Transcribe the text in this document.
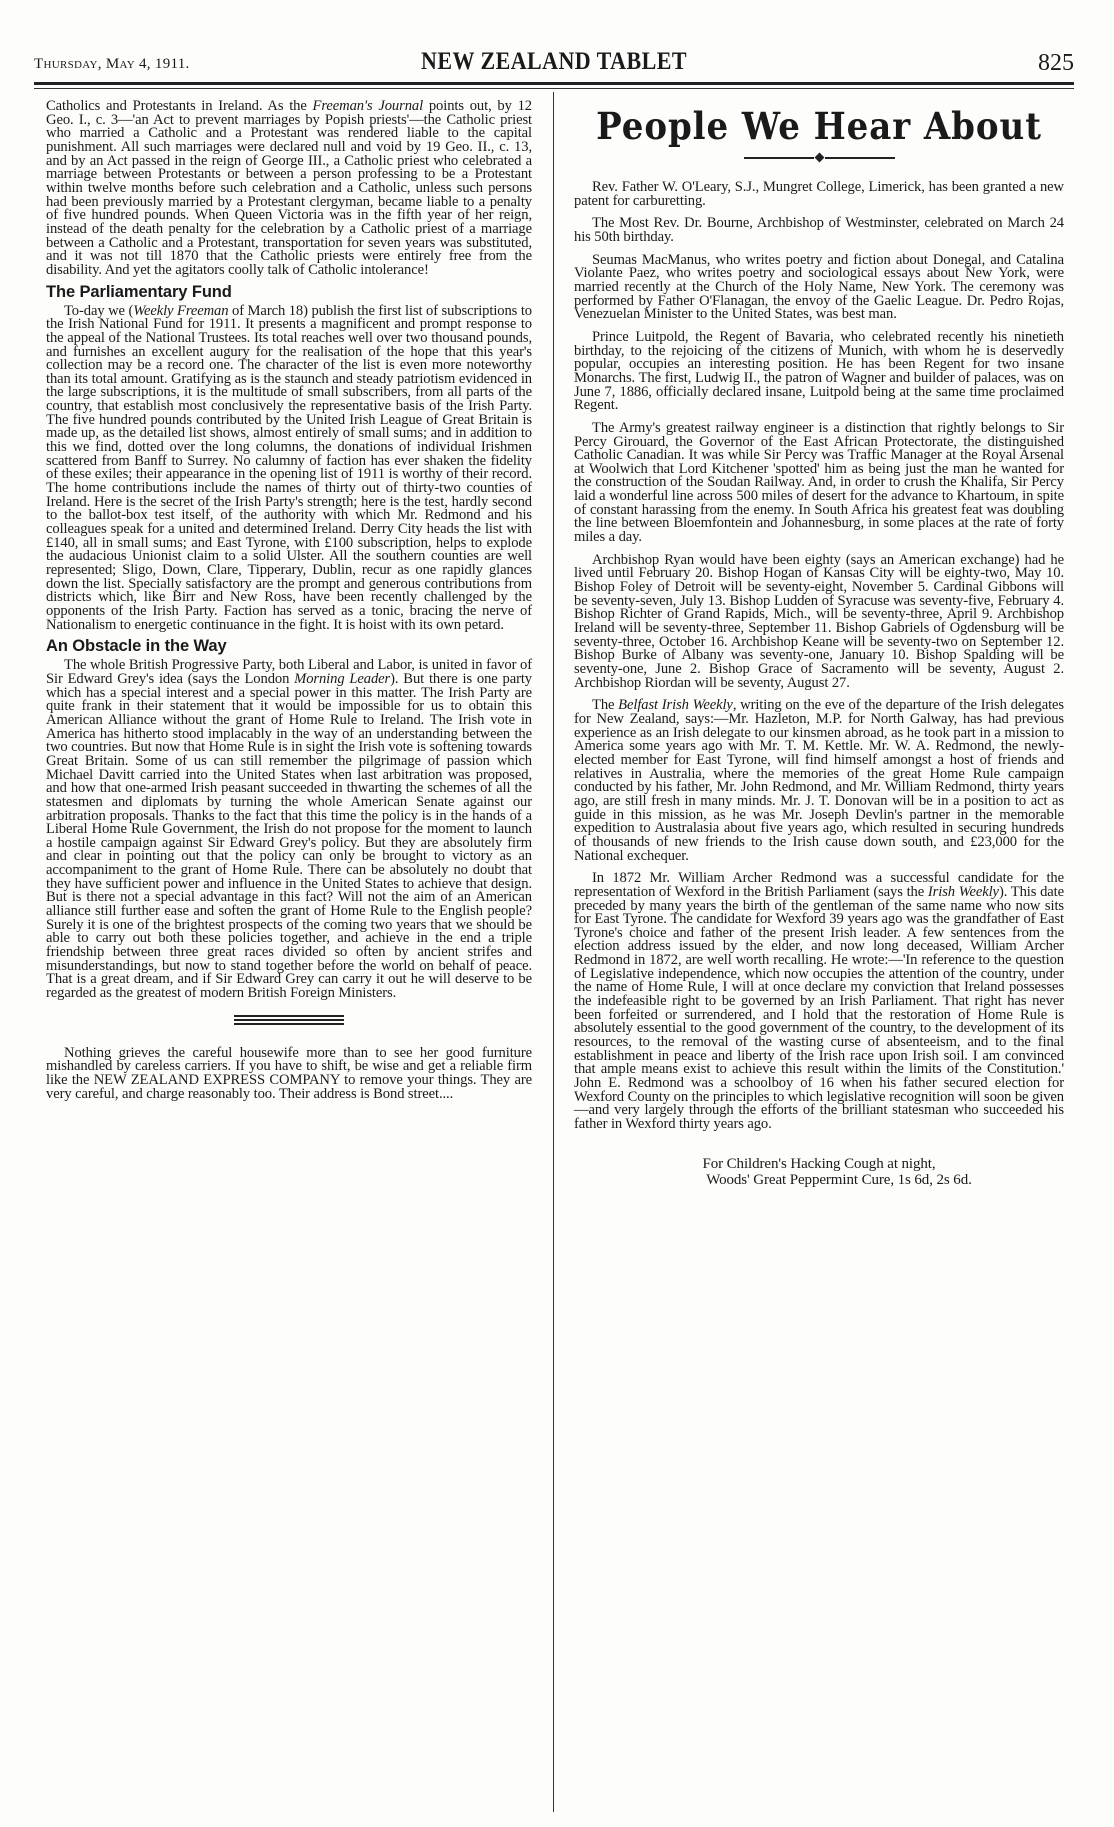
Thursday, May 4, 1911.	NEW ZEALAND TABLET	825

Catholics and Protestants in Ireland. As the Freeman's Journal points out, by 12 Geo. I., c. 3—'an Act to prevent marriages by Popish priests'—the Catholic priest who married a Catholic and a Protestant was rendered liable to the capital punishment. All such marriages were declared null and void by 19 Geo. II., c. 13, and by an Act passed in the reign of George III., a Catholic priest who celebrated a marriage between Protestants or between a person professing to be a Protestant within twelve months before such celebration and a Catholic, unless such persons had been previously married by a Protestant clergyman, became liable to a penalty of five hundred pounds. When Queen Victoria was in the fifth year of her reign, instead of the death penalty for the celebration by a Catholic priest of a marriage between a Catholic and a Protestant, transportation for seven years was substituted, and it was not till 1870 that the Catholic priests were entirely free from the disability. And yet the agitators coolly talk of Catholic intolerance!

The Parliamentary Fund

To-day we (Weekly Freeman of March 18) publish the first list of subscriptions to the Irish National Fund for 1911. It presents a magnificent and prompt response to the appeal of the National Trustees. Its total reaches well over two thousand pounds, and furnishes an excellent augury for the realisation of the hope that this year's collection may be a record one. The character of the list is even more noteworthy than its total amount. Gratifying as is the staunch and steady patriotism evidenced in the large subscriptions, it is the multitude of small subscribers, from all parts of the country, that establish most conclusively the representative basis of the Irish Party. The five hundred pounds contributed by the United Irish League of Great Britain is made up, as the detailed list shows, almost entirely of small sums; and in addition to this we find, dotted over the long columns, the donations of individual Irishmen scattered from Banff to Surrey. No calumny of faction has ever shaken the fidelity of these exiles; their appearance in the opening list of 1911 is worthy of their record. The home contributions include the names of thirty out of thirty-two counties of Ireland. Here is the secret of the Irish Party's strength; here is the test, hardly second to the ballot-box test itself, of the authority with which Mr. Redmond and his colleagues speak for a united and determined Ireland. Derry City heads the list with £140, all in small sums; and East Tyrone, with £100 subscription, helps to explode the audacious Unionist claim to a solid Ulster. All the southern counties are well represented; Sligo, Down, Clare, Tipperary, Dublin, recur as one rapidly glances down the list. Specially satisfactory are the prompt and generous contributions from districts which, like Birr and New Ross, have been recently challenged by the opponents of the Irish Party. Faction has served as a tonic, bracing the nerve of Nationalism to energetic continuance in the fight. It is hoist with its own petard.

An Obstacle in the Way

The whole British Progressive Party, both Liberal and Labor, is united in favor of Sir Edward Grey's idea (says the London Morning Leader). But there is one party which has a special interest and a special power in this matter. The Irish Party are quite frank in their statement that it would be impossible for us to obtain this American Alliance without the grant of Home Rule to Ireland. The Irish vote in America has hitherto stood implacably in the way of an understanding between the two countries. But now that Home Rule is in sight the Irish vote is softening towards Great Britain. Some of us can still remember the pilgrimage of passion which Michael Davitt carried into the United States when last arbitration was proposed, and how that one-armed Irish peasant succeeded in thwarting the schemes of all the statesmen and diplomats by turning the whole American Senate against our arbitration proposals. Thanks to the fact that this time the policy is in the hands of a Liberal Home Rule Government, the Irish do not propose for the moment to launch a hostile campaign against Sir Edward Grey's policy. But they are absolutely firm and clear in pointing out that the policy can only be brought to victory as an accompaniment to the grant of Home Rule. There can be absolutely no doubt that they have sufficient power and influence in the United States to achieve that design. But is there not a special advantage in this fact? Will not the aim of an American alliance still further ease and soften the grant of Home Rule to the English people? Surely it is one of the brightest prospects of the coming two years that we should be able to carry out both these policies together, and achieve in the end a triple friendship between three great races divided so often by ancient strifes and misunderstandings, but now to stand together before the world on behalf of peace. That is a great dream, and if Sir Edward Grey can carry it out he will deserve to be regarded as the greatest of modern British Foreign Ministers.

Nothing grieves the careful housewife more than to see her good furniture mishandled by careless carriers. If you have to shift, be wise and get a reliable firm like the NEW ZEALAND EXPRESS COMPANY to remove your things. They are very careful, and charge reasonably too. Their address is Bond street....

People We Hear About

Rev. Father W. O'Leary, S.J., Mungret College, Limerick, has been granted a new patent for carburetting.

The Most Rev. Dr. Bourne, Archbishop of Westminster, celebrated on March 24 his 50th birthday.

Seumas MacManus, who writes poetry and fiction about Donegal, and Catalina Violante Paez, who writes poetry and sociological essays about New York, were married recently at the Church of the Holy Name, New York. The ceremony was performed by Father O'Flanagan, the envoy of the Gaelic League. Dr. Pedro Rojas, Venezuelan Minister to the United States, was best man.

Prince Luitpold, the Regent of Bavaria, who celebrated recently his ninetieth birthday, to the rejoicing of the citizens of Munich, with whom he is deservedly popular, occupies an interesting position. He has been Regent for two insane Monarchs. The first, Ludwig II., the patron of Wagner and builder of palaces, was on June 7, 1886, officially declared insane, Luitpold being at the same time proclaimed Regent.

The Army's greatest railway engineer is a distinction that rightly belongs to Sir Percy Girouard, the Governor of the East African Protectorate, the distinguished Catholic Canadian. It was while Sir Percy was Traffic Manager at the Royal Arsenal at Woolwich that Lord Kitchener 'spotted' him as being just the man he wanted for the construction of the Soudan Railway. And, in order to crush the Khalifa, Sir Percy laid a wonderful line across 500 miles of desert for the advance to Khartoum, in spite of constant harassing from the enemy. In South Africa his greatest feat was doubling the line between Bloemfontein and Johannesburg, in some places at the rate of forty miles a day.

Archbishop Ryan would have been eighty (says an American exchange) had he lived until February 20. Bishop Hogan of Kansas City will be eighty-two, May 10. Bishop Foley of Detroit will be seventy-eight, November 5. Cardinal Gibbons will be seventy-seven, July 13. Bishop Ludden of Syracuse was seventy-five, February 4. Bishop Richter of Grand Rapids, Mich., will be seventy-three, April 9. Archbishop Ireland will be seventy-three, September 11. Bishop Gabriels of Ogdensburg will be seventy-three, October 16. Archbishop Keane will be seventy-two on September 12. Bishop Burke of Albany was seventy-one, January 10. Bishop Spalding will be seventy-one, June 2. Bishop Grace of Sacramento will be seventy, August 2. Archbishop Riordan will be seventy, August 27.

The Belfast Irish Weekly, writing on the eve of the departure of the Irish delegates for New Zealand, says:—Mr. Hazleton, M.P. for North Galway, has had previous experience as an Irish delegate to our kinsmen abroad, as he took part in a mission to America some years ago with Mr. T. M. Kettle. Mr. W. A. Redmond, the newly-elected member for East Tyrone, will find himself amongst a host of friends and relatives in Australia, where the memories of the great Home Rule campaign conducted by his father, Mr. John Redmond, and Mr. William Redmond, thirty years ago, are still fresh in many minds. Mr. J. T. Donovan will be in a position to act as guide in this mission, as he was Mr. Joseph Devlin's partner in the memorable expedition to Australasia about five years ago, which resulted in securing hundreds of thousands of new friends to the Irish cause down south, and £23,000 for the National exchequer.

In 1872 Mr. William Archer Redmond was a successful candidate for the representation of Wexford in the British Parliament (says the Irish Weekly). This date preceded by many years the birth of the gentleman of the same name who now sits for East Tyrone. The candidate for Wexford 39 years ago was the grandfather of East Tyrone's choice and father of the present Irish leader. A few sentences from the election address issued by the elder, and now long deceased, William Archer Redmond in 1872, are well worth recalling. He wrote:—'In reference to the question of Legislative independence, which now occupies the attention of the country, under the name of Home Rule, I will at once declare my conviction that Ireland possesses the indefeasible right to be governed by an Irish Parliament. That right has never been forfeited or surrendered, and I hold that the restoration of Home Rule is absolutely essential to the good government of the country, to the development of its resources, to the removal of the wasting curse of absenteeism, and to the final establishment in peace and liberty of the Irish race upon Irish soil. I am convinced that ample means exist to achieve this result within the limits of the Constitution.' John E. Redmond was a schoolboy of 16 when his father secured election for Wexford County on the principles to which legislative recognition will soon be given—and very largely through the efforts of the brilliant statesman who succeeded his father in Wexford thirty years ago.

For Children's Hacking Cough at night,
Woods' Great Peppermint Cure, 1s 6d, 2s 6d.
